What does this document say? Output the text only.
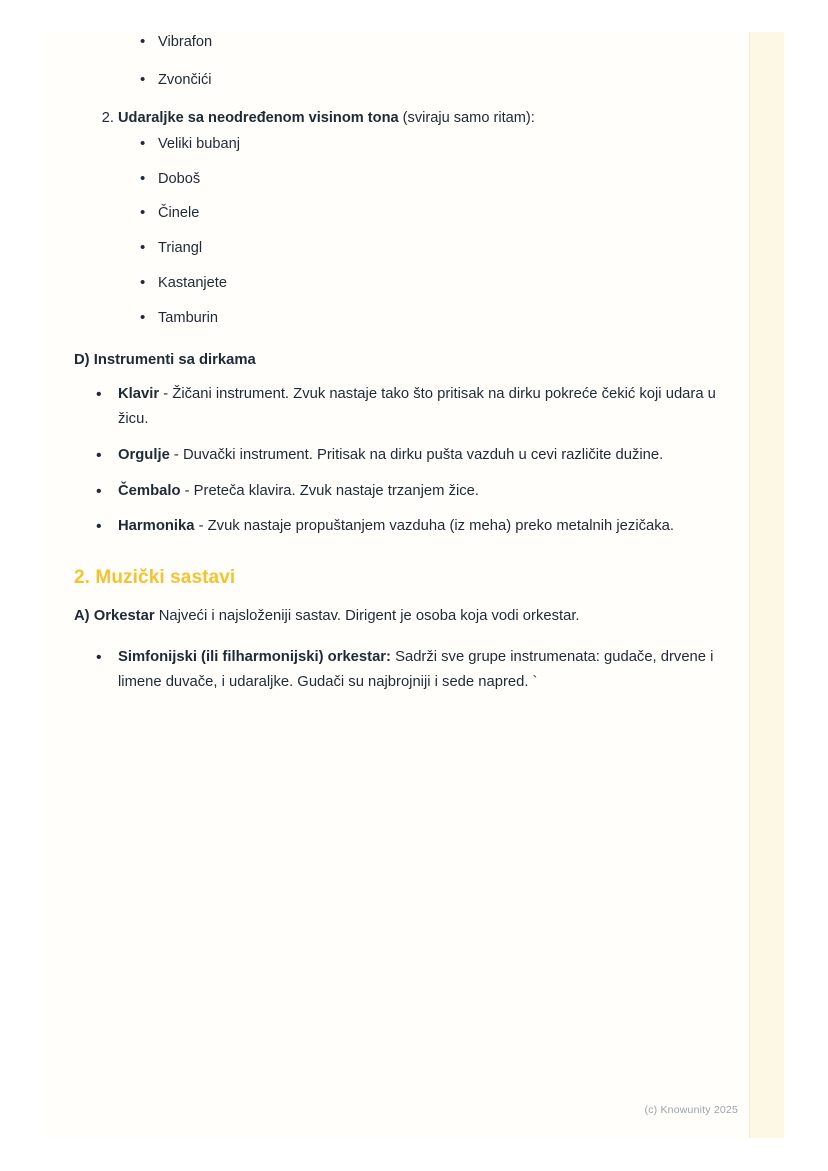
• Vibrafon
• Zvončići
2. Udaraljke sa neodređenom visinom tona (sviraju samo ritam):
• Veliki bubanj
• Doboš
• Činele
• Triangl
• Kastanjete
• Tamburin
D) Instrumenti sa dirkama
• Klavir - Žičani instrument. Zvuk nastaje tako što pritisak na dirku pokreće čekić koji udara u žicu.
• Orgulje - Duvački instrument. Pritisak na dirku pušta vazduh u cevi različite dužine.
• Čembalo - Preteča klavira. Zvuk nastaje trzanjem žice.
• Harmonika - Zvuk nastaje propuštanjem vazduha (iz meha) preko metalnih jezičaka.
2. Muzički sastavi
A) Orkestar Najveći i najsloženiji sastav. Dirigent je osoba koja vodi orkestar.
• Simfonijski (ili filharmonijski) orkestar: Sadrži sve grupe instrumenata: gudače, drvene i limene duvače, i udaraljke. Gudači su najbrojniji i sede napred. `
(c) Knowunity 2025
